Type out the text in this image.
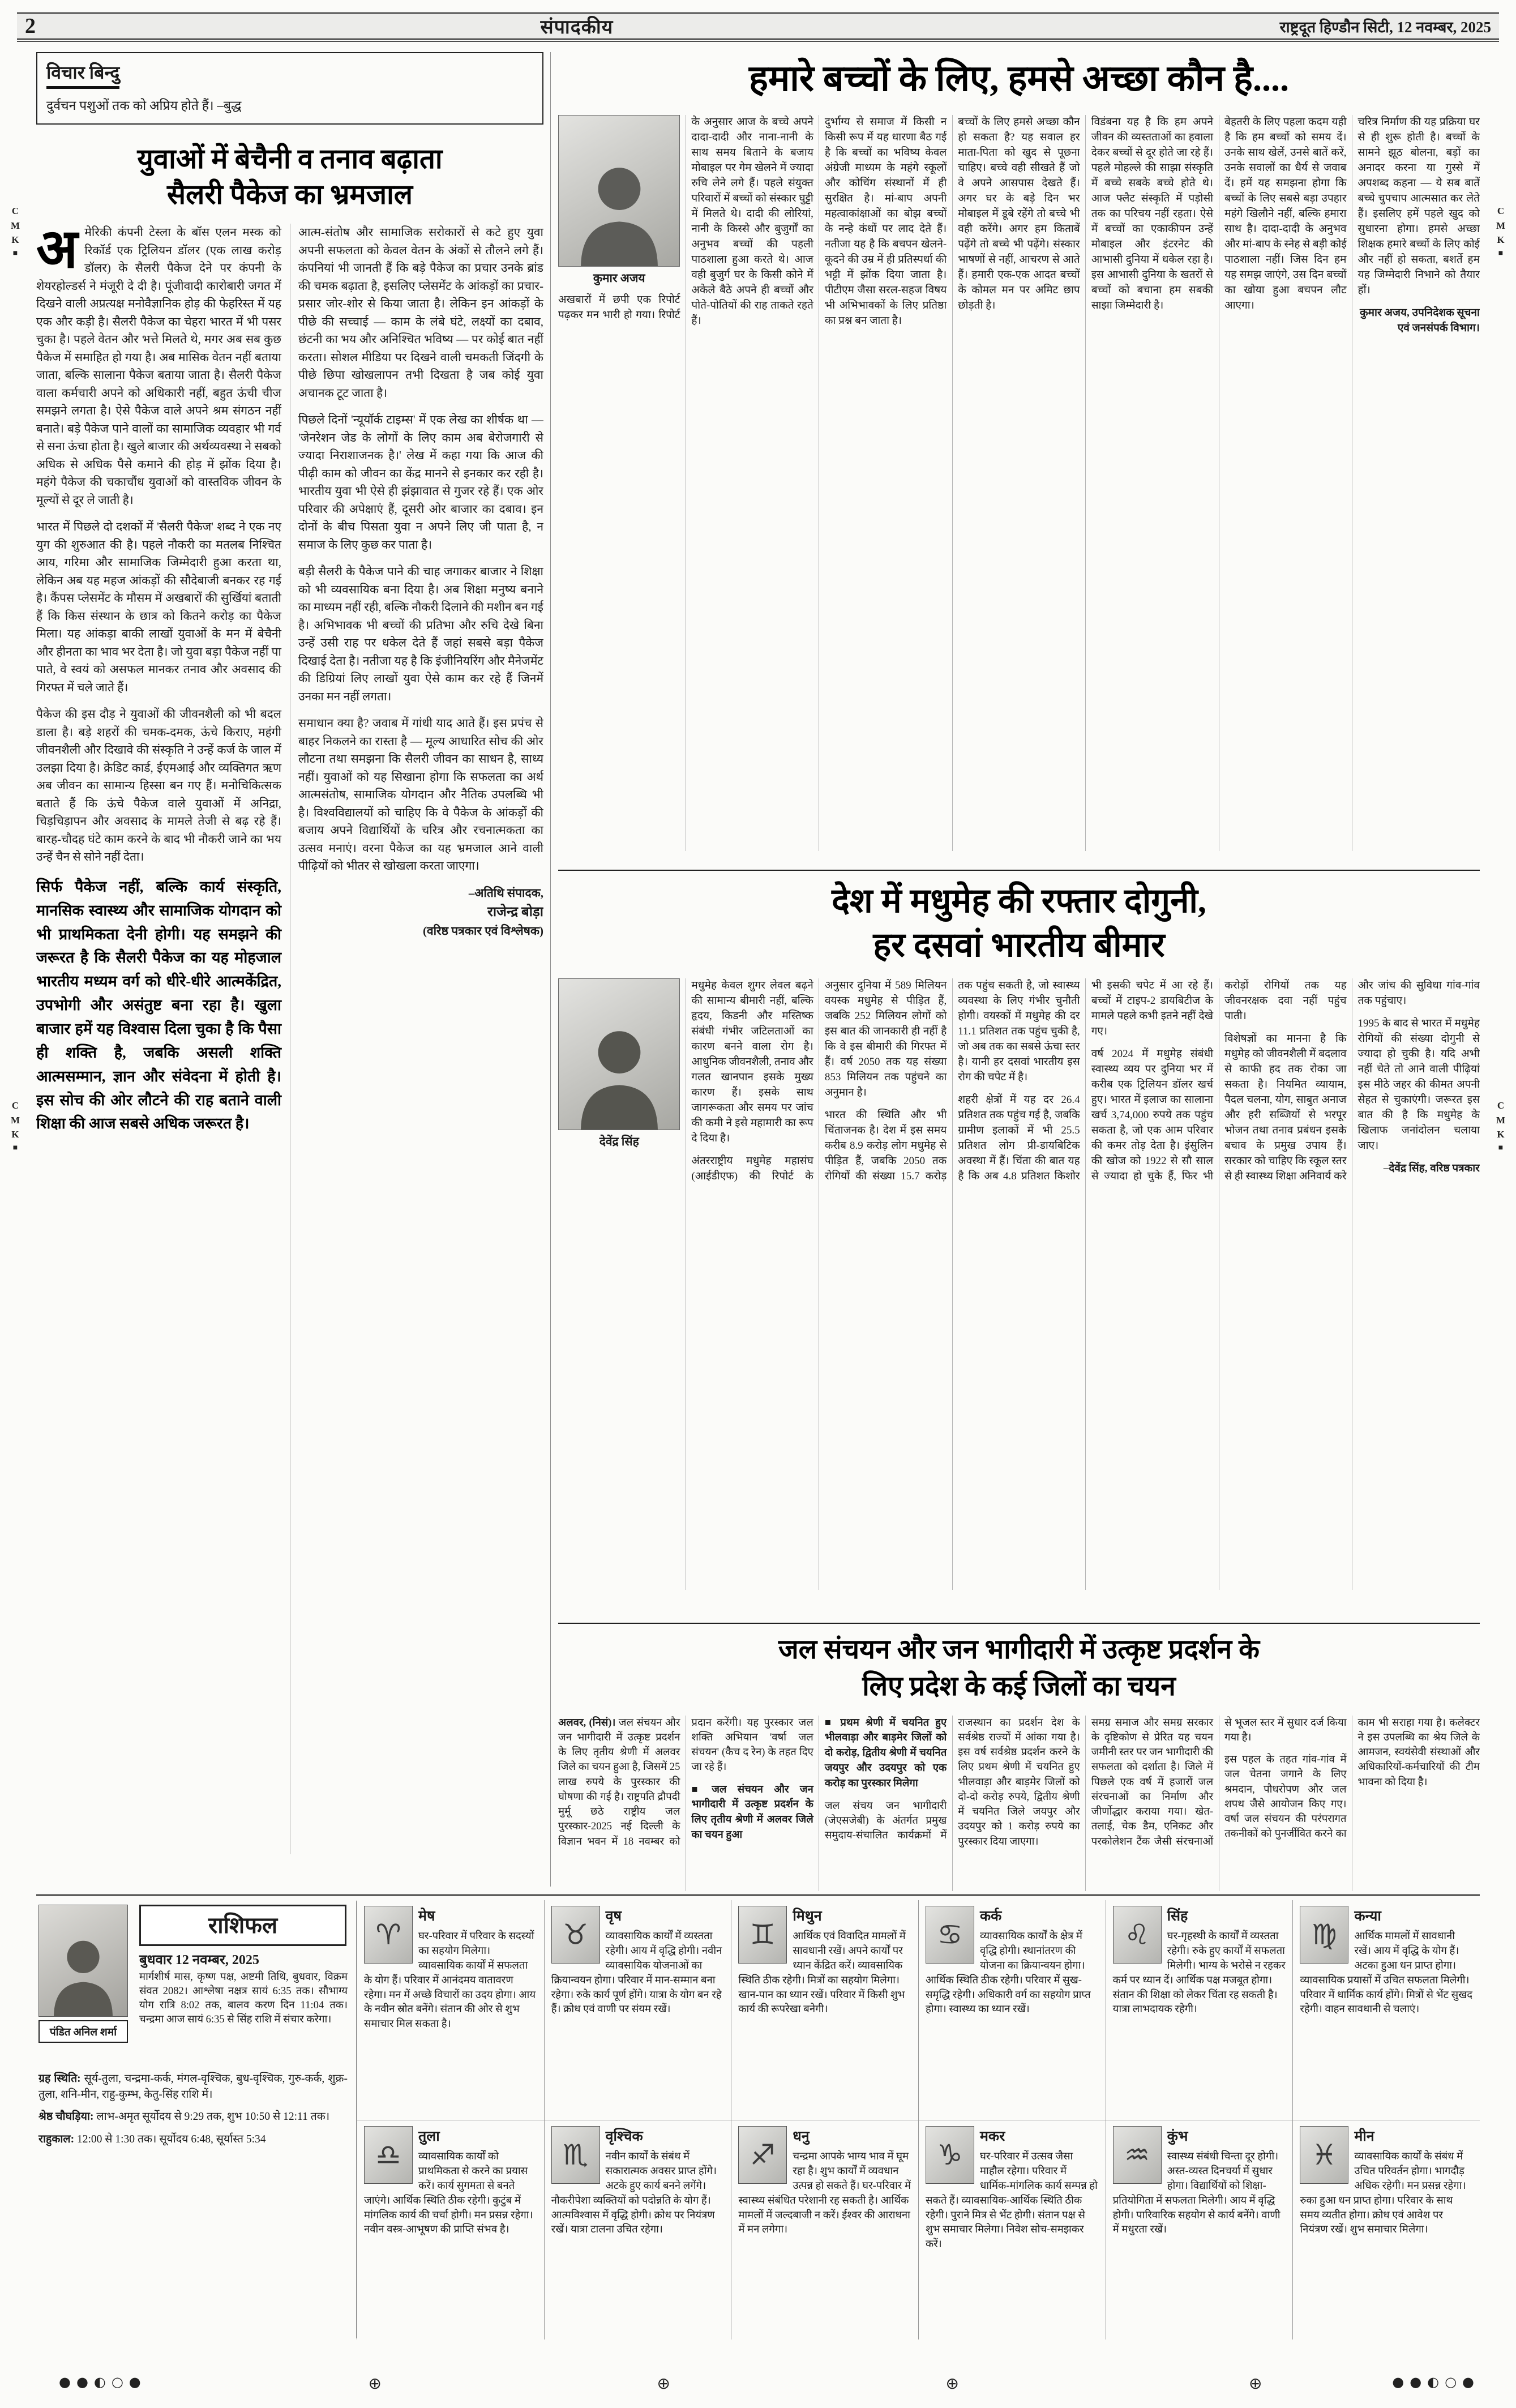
C
M
K
■
C
M
K
■
C
M
K
■
C
M
K
■
2	संपादकीय	राष्ट्रदूत हिण्डौन सिटी, 12 नवम्बर, 2025
विचार बिन्दु
दुर्वचन पशुओं तक को अप्रिय होते हैं। –बुद्ध
युवाओं में बेचैनी व तनाव बढ़ाता
सैलरी पैकेज का भ्रमजाल

अमेरिकी कंपनी टेस्ला के बॉस एलन मस्क को रिकॉर्ड एक ट्रिलियन डॉलर (एक लाख करोड़ डॉलर) के सैलरी पैकेज देने पर कंपनी के शेयरहोल्डर्स ने मंजूरी दे दी है। पूंजीवादी कारोबारी जगत में दिखने वाली अप्रत्यक्ष मनोवैज्ञानिक होड़ की फेहरिस्त में यह एक और कड़ी है। सैलरी पैकेज का चेहरा भारत में भी पसर चुका है। पहले वेतन और भत्ते मिलते थे, मगर अब सब कुछ पैकेज में समाहित हो गया है। अब मासिक वेतन नहीं बताया जाता, बल्कि सालाना पैकेज बताया जाता है। सैलरी पैकेज वाला कर्मचारी अपने को अधिकारी नहीं, बहुत ऊंची चीज समझने लगता है। ऐसे पैकेज वाले अपने श्रम संगठन नहीं बनाते। बड़े पैकेज पाने वालों का सामाजिक व्यवहार भी गर्व से सना ऊंचा होता है। खुले बाजार की अर्थव्यवस्था ने सबको अधिक से अधिक पैसे कमाने की होड़ में झोंक दिया है। महंगे पैकेज की चकाचौंध युवाओं को वास्तविक जीवन के मूल्यों से दूर ले जाती है।

भारत में पिछले दो दशकों में 'सैलरी पैकेज' शब्द ने एक नए युग की शुरुआत की है। पहले नौकरी का मतलब निश्चित आय, गरिमा और सामाजिक जिम्मेदारी हुआ करता था, लेकिन अब यह महज आंकड़ों की सौदेबाजी बनकर रह गई है। कैंपस प्लेसमेंट के मौसम में अखबारों की सुर्खियां बताती हैं कि किस संस्थान के छात्र को कितने करोड़ का पैकेज मिला। यह आंकड़ा बाकी लाखों युवाओं के मन में बेचैनी और हीनता का भाव भर देता है। जो युवा बड़ा पैकेज नहीं पा पाते, वे स्वयं को असफल मानकर तनाव और अवसाद की गिरफ्त में चले जाते हैं।

पैकेज की इस दौड़ ने युवाओं की जीवनशैली को भी बदल डाला है। बड़े शहरों की चमक-दमक, ऊंचे किराए, महंगी जीवनशैली और दिखावे की संस्कृति ने उन्हें कर्ज के जाल में उलझा दिया है। क्रेडिट कार्ड, ईएमआई और व्यक्तिगत ऋण अब जीवन का सामान्य हिस्सा बन गए हैं। मनोचिकित्सक बताते हैं कि ऊंचे पैकेज वाले युवाओं में अनिद्रा, चिड़चिड़ापन और अवसाद के मामले तेजी से बढ़ रहे हैं। बारह-चौदह घंटे काम करने के बाद भी नौकरी जाने का भय उन्हें चैन से सोने नहीं देता।

सिर्फ पैकेज नहीं, बल्कि कार्य संस्कृति, मानसिक स्वास्थ्य और सामाजिक योगदान को भी प्राथमिकता देनी होगी। यह समझने की जरूरत है कि सैलरी पैकेज का यह मोहजाल भारतीय मध्यम वर्ग को धीरे-धीरे आत्मकेंद्रित, उपभोगी और असंतुष्ट बना रहा है। खुला बाजार हमें यह विश्वास दिला चुका है कि पैसा ही शक्ति है, जबकि असली शक्ति आत्मसम्मान, ज्ञान और संवेदना में होती है। इस सोच की ओर लौटने की राह बताने वाली शिक्षा की आज सबसे अधिक जरूरत है।

आत्म-संतोष और सामाजिक सरोकारों से कटे हुए युवा अपनी सफलता को केवल वेतन के अंकों से तौलने लगे हैं। कंपनियां भी जानती हैं कि बड़े पैकेज का प्रचार उनके ब्रांड की चमक बढ़ाता है, इसलिए प्लेसमेंट के आंकड़ों का प्रचार-प्रसार जोर-शोर से किया जाता है। लेकिन इन आंकड़ों के पीछे की सच्चाई — काम के लंबे घंटे, लक्ष्यों का दबाव, छंटनी का भय और अनिश्चित भविष्य — पर कोई बात नहीं करता। सोशल मीडिया पर दिखने वाली चमकती जिंदगी के पीछे छिपा खोखलापन तभी दिखता है जब कोई युवा अचानक टूट जाता है।

पिछले दिनों 'न्यूयॉर्क टाइम्स' में एक लेख का शीर्षक था — 'जेनरेशन जेड के लोगों के लिए काम अब बेरोजगारी से ज्यादा निराशाजनक है।' लेख में कहा गया कि आज की पीढ़ी काम को जीवन का केंद्र मानने से इनकार कर रही है। भारतीय युवा भी ऐसे ही झंझावात से गुजर रहे हैं। एक ओर परिवार की अपेक्षाएं हैं, दूसरी ओर बाजार का दबाव। इन दोनों के बीच पिसता युवा न अपने लिए जी पाता है, न समाज के लिए कुछ कर पाता है।

बड़ी सैलरी के पैकेज पाने की चाह जगाकर बाजार ने शिक्षा को भी व्यवसायिक बना दिया है। अब शिक्षा मनुष्य बनाने का माध्यम नहीं रही, बल्कि नौकरी दिलाने की मशीन बन गई है। अभिभावक भी बच्चों की प्रतिभा और रुचि देखे बिना उन्हें उसी राह पर धकेल देते हैं जहां सबसे बड़ा पैकेज दिखाई देता है। नतीजा यह है कि इंजीनियरिंग और मैनेजमेंट की डिग्रियां लिए लाखों युवा ऐसे काम कर रहे हैं जिनमें उनका मन नहीं लगता।

समाधान क्या है? जवाब में गांधी याद आते हैं। इस प्रपंच से बाहर निकलने का रास्ता है — मूल्य आधारित सोच की ओर लौटना तथा समझना कि सैलरी जीवन का साधन है, साध्य नहीं। युवाओं को यह सिखाना होगा कि सफलता का अर्थ आत्मसंतोष, सामाजिक योगदान और नैतिक उपलब्धि भी है। विश्वविद्यालयों को चाहिए कि वे पैकेज के आंकड़ों की बजाय अपने विद्यार्थियों के चरित्र और रचनात्मकता का उत्सव मनाएं। वरना पैकेज का यह भ्रमजाल आने वाली पीढ़ियों को भीतर से खोखला करता जाएगा।

–अतिथि संपादक,
राजेन्द्र बोड़ा
(वरिष्ठ पत्रकार एवं विश्लेषक)

हमारे बच्चों के लिए, हमसे अच्छा कौन है....
कुमार अजय

अखबारों में छपी एक रिपोर्ट पढ़कर मन भारी हो गया। रिपोर्ट के अनुसार आज के बच्चे अपने दादा-दादी और नाना-नानी के साथ समय बिताने के बजाय मोबाइल पर गेम खेलने में ज्यादा रुचि लेने लगे हैं। पहले संयुक्त परिवारों में बच्चों को संस्कार घुट्टी में मिलते थे। दादी की लोरियां, नानी के किस्से और बुजुर्गों का अनुभव बच्चों की पहली पाठशाला हुआ करते थे। आज वही बुजुर्ग घर के किसी कोने में अकेले बैठे अपने ही बच्चों और पोते-पोतियों की राह ताकते रहते हैं।

दुर्भाग्य से समाज में किसी न किसी रूप में यह धारणा बैठ गई है कि बच्चों का भविष्य केवल अंग्रेजी माध्यम के महंगे स्कूलों और कोचिंग संस्थानों में ही सुरक्षित है। मां-बाप अपनी महत्वाकांक्षाओं का बोझ बच्चों के नन्हे कंधों पर लाद देते हैं। नतीजा यह है कि बचपन खेलने-कूदने की उम्र में ही प्रतिस्पर्धा की भट्टी में झोंक दिया जाता है। पीटीएम जैसा सरल-सहज विषय भी अभिभावकों के लिए प्रतिष्ठा का प्रश्न बन जाता है।

बच्चों के लिए हमसे अच्छा कौन हो सकता है? यह सवाल हर माता-पिता को खुद से पूछना चाहिए। बच्चे वही सीखते हैं जो वे अपने आसपास देखते हैं। अगर घर के बड़े दिन भर मोबाइल में डूबे रहेंगे तो बच्चे भी वही करेंगे। अगर हम किताबें पढ़ेंगे तो बच्चे भी पढ़ेंगे। संस्कार भाषणों से नहीं, आचरण से आते हैं। हमारी एक-एक आदत बच्चों के कोमल मन पर अमिट छाप छोड़ती है।

विडंबना यह है कि हम अपने जीवन की व्यस्तताओं का हवाला देकर बच्चों से दूर होते जा रहे हैं। पहले मोहल्ले की साझा संस्कृति में बच्चे सबके बच्चे होते थे। आज फ्लैट संस्कृति में पड़ोसी तक का परिचय नहीं रहता। ऐसे में बच्चों का एकाकीपन उन्हें मोबाइल और इंटरनेट की आभासी दुनिया में धकेल रहा है। इस आभासी दुनिया के खतरों से बच्चों को बचाना हम सबकी साझा जिम्मेदारी है।

बेहतरी के लिए पहला कदम यही है कि हम बच्चों को समय दें। उनके साथ खेलें, उनसे बातें करें, उनके सवालों का धैर्य से जवाब दें। हमें यह समझना होगा कि बच्चों के लिए सबसे बड़ा उपहार महंगे खिलौने नहीं, बल्कि हमारा साथ है। दादा-दादी के अनुभव और मां-बाप के स्नेह से बड़ी कोई पाठशाला नहीं। जिस दिन हम यह समझ जाएंगे, उस दिन बच्चों का खोया हुआ बचपन लौट आएगा।

चरित्र निर्माण की यह प्रक्रिया घर से ही शुरू होती है। बच्चों के सामने झूठ बोलना, बड़ों का अनादर करना या गुस्से में अपशब्द कहना — ये सब बातें बच्चे चुपचाप आत्मसात कर लेते हैं। इसलिए हमें पहले खुद को सुधारना होगा। हमसे अच्छा शिक्षक हमारे बच्चों के लिए कोई और नहीं हो सकता, बशर्ते हम यह जिम्मेदारी निभाने को तैयार हों।

कुमार अजय, उपनिदेशक सूचना एवं जनसंपर्क विभाग।

देश में मधुमेह की रफ्तार दोगुनी,
हर दसवां भारतीय बीमार
देवेंद्र सिंह

मधुमेह केवल शुगर लेवल बढ़ने की सामान्य बीमारी नहीं, बल्कि हृदय, किडनी और मस्तिष्क संबंधी गंभीर जटिलताओं का कारण बनने वाला रोग है। आधुनिक जीवनशैली, तनाव और गलत खानपान इसके मुख्य कारण हैं। इसके साथ जागरूकता और समय पर जांच की कमी ने इसे महामारी का रूप दे दिया है।

अंतरराष्ट्रीय मधुमेह महासंघ (आईडीएफ) की रिपोर्ट के अनुसार दुनिया में 589 मिलियन वयस्क मधुमेह से पीड़ित हैं, जबकि 252 मिलियन लोगों को इस बात की जानकारी ही नहीं है कि वे इस बीमारी की गिरफ्त में हैं। वर्ष 2050 तक यह संख्या 853 मिलियन तक पहुंचने का अनुमान है।

भारत की स्थिति और भी चिंताजनक है। देश में इस समय करीब 8.9 करोड़ लोग मधुमेह से पीड़ित हैं, जबकि 2050 तक रोगियों की संख्या 15.7 करोड़ तक पहुंच सकती है, जो स्वास्थ्य व्यवस्था के लिए गंभीर चुनौती होगी। वयस्कों में मधुमेह की दर 11.1 प्रतिशत तक पहुंच चुकी है, जो अब तक का सबसे ऊंचा स्तर है। यानी हर दसवां भारतीय इस रोग की चपेट में है।

शहरी क्षेत्रों में यह दर 26.4 प्रतिशत तक पहुंच गई है, जबकि ग्रामीण इलाकों में भी 25.5 प्रतिशत लोग प्री-डायबिटिक अवस्था में हैं। चिंता की बात यह है कि अब 4.8 प्रतिशत किशोर भी इसकी चपेट में आ रहे हैं। बच्चों में टाइप-2 डायबिटीज के मामले पहले कभी इतने नहीं देखे गए।

वर्ष 2024 में मधुमेह संबंधी स्वास्थ्य व्यय पर दुनिया भर में करीब एक ट्रिलियन डॉलर खर्च हुए। भारत में इलाज का सालाना खर्च 3,74,000 रुपये तक पहुंच सकता है, जो एक आम परिवार की कमर तोड़ देता है। इंसुलिन की खोज को 1922 से सौ साल से ज्यादा हो चुके हैं, फिर भी करोड़ों रोगियों तक यह जीवनरक्षक दवा नहीं पहुंच पाती।

विशेषज्ञों का मानना है कि मधुमेह को जीवनशैली में बदलाव से काफी हद तक रोका जा सकता है। नियमित व्यायाम, पैदल चलना, योग, साबुत अनाज और हरी सब्जियों से भरपूर भोजन तथा तनाव प्रबंधन इसके बचाव के प्रमुख उपाय हैं। सरकार को चाहिए कि स्कूल स्तर से ही स्वास्थ्य शिक्षा अनिवार्य करे और जांच की सुविधा गांव-गांव तक पहुंचाए।

1995 के बाद से भारत में मधुमेह रोगियों की संख्या दोगुनी से ज्यादा हो चुकी है। यदि अभी नहीं चेते तो आने वाली पीढ़ियां इस मीठे जहर की कीमत अपनी सेहत से चुकाएंगी। जरूरत इस बात की है कि मधुमेह के खिलाफ जनांदोलन चलाया जाए।

–देवेंद्र सिंह, वरिष्ठ पत्रकार

जल संचयन और जन भागीदारी में उत्कृष्ट प्रदर्शन के
लिए प्रदेश के कई जिलों का चयन

अलवर, (निसं)। जल संचयन और जन भागीदारी में उत्कृष्ट प्रदर्शन के लिए तृतीय श्रेणी में अलवर जिले का चयन हुआ है, जिसमें 25 लाख रुपये के पुरस्कार की घोषणा की गई है। राष्ट्रपति द्रौपदी मुर्मू छठे राष्ट्रीय जल पुरस्कार-2025 नई दिल्ली के विज्ञान भवन में 18 नवम्बर को प्रदान करेंगी। यह पुरस्कार जल शक्ति अभियान 'वर्षा जल संचयन' (कैच द रेन) के तहत दिए जा रहे हैं।

■ जल संचयन और जन भागीदारी में उत्कृष्ट प्रदर्शन के लिए तृतीय श्रेणी में अलवर जिले का चयन हुआ

■ प्रथम श्रेणी में चयनित हुए भीलवाड़ा और बाड़मेर जिलों को दो करोड़, द्वितीय श्रेणी में चयनित जयपुर और उदयपुर को एक करोड़ का पुरस्कार मिलेगा

जल संचय जन भागीदारी (जेएसजेबी) के अंतर्गत प्रमुख समुदाय-संचालित कार्यक्रमों में राजस्थान का प्रदर्शन देश के सर्वश्रेष्ठ राज्यों में आंका गया है। इस वर्ष सर्वश्रेष्ठ प्रदर्शन करने के लिए प्रथम श्रेणी में चयनित हुए भीलवाड़ा और बाड़मेर जिलों को दो-दो करोड़ रुपये, द्वितीय श्रेणी में चयनित जिले जयपुर और उदयपुर को 1 करोड़ रुपये का पुरस्कार दिया जाएगा।

समग्र समाज और समग्र सरकार के दृष्टिकोण से प्रेरित यह चयन जमीनी स्तर पर जन भागीदारी की सफलता को दर्शाता है। जिले में पिछले एक वर्ष में हजारों जल संरचनाओं का निर्माण और जीर्णोद्धार कराया गया। खेत-तलाई, चेक डैम, एनिकट और परकोलेशन टैंक जैसी संरचनाओं से भूजल स्तर में सुधार दर्ज किया गया है।

इस पहल के तहत गांव-गांव में जल चेतना जगाने के लिए श्रमदान, पौधरोपण और जल शपथ जैसे आयोजन किए गए। वर्षा जल संचयन की परंपरागत तकनीकों को पुनर्जीवित करने का काम भी सराहा गया है। कलेक्टर ने इस उपलब्धि का श्रेय जिले के आमजन, स्वयंसेवी संस्थाओं और अधिकारियों-कर्मचारियों की टीम भावना को दिया है।

पंडित अनिल शर्मा
राशिफल
बुधवार 12 नवम्बर, 2025
मार्गशीर्ष मास, कृष्ण पक्ष, अष्टमी तिथि, बुधवार, विक्रम संवत 2082। आश्लेषा नक्षत्र सायं 6:35 तक। सौभाग्य योग रात्रि 8:02 तक, बालव करण दिन 11:04 तक। चन्द्रमा आज सायं 6:35 से सिंह राशि में संचार करेगा।

ग्रह स्थिति: सूर्य-तुला, चन्द्रमा-कर्क, मंगल-वृश्चिक, बुध-वृश्चिक, गुरु-कर्क, शुक्र-तुला, शनि-मीन, राहु-कुम्भ, केतु-सिंह राशि में।

श्रेष्ठ चौघड़िया: लाभ-अमृत सूर्योदय से 9:29 तक, शुभ 10:50 से 12:11 तक।

राहुकाल: 12:00 से 1:30 तक। सूर्योदय 6:48, सूर्यास्त 5:34

♈
मेष
घर-परिवार में परिवार के सदस्यों का सहयोग मिलेगा। व्यावसायिक कार्यों में सफलता के योग हैं। परिवार में आनंदमय वातावरण रहेगा। मन में अच्छे विचारों का उदय होगा। आय के नवीन स्रोत बनेंगे। संतान की ओर से शुभ समाचार मिल सकता है।
♉
वृष
व्यावसायिक कार्यों में व्यस्तता रहेगी। आय में वृद्धि होगी। नवीन व्यावसायिक योजनाओं का क्रियान्वयन होगा। परिवार में मान-सम्मान बना रहेगा। रुके कार्य पूर्ण होंगे। यात्रा के योग बन रहे हैं। क्रोध एवं वाणी पर संयम रखें।
♊
मिथुन
आर्थिक एवं विवादित मामलों में सावधानी रखें। अपने कार्यों पर ध्यान केंद्रित करें। व्यावसायिक स्थिति ठीक रहेगी। मित्रों का सहयोग मिलेगा। खान-पान का ध्यान रखें। परिवार में किसी शुभ कार्य की रूपरेखा बनेगी।
♋
कर्क
व्यावसायिक कार्यों के क्षेत्र में वृद्धि होगी। स्थानांतरण की योजना का क्रियान्वयन होगा। आर्थिक स्थिति ठीक रहेगी। परिवार में सुख-समृद्धि रहेगी। अधिकारी वर्ग का सहयोग प्राप्त होगा। स्वास्थ्य का ध्यान रखें।
♌
सिंह
घर-गृहस्थी के कार्यों में व्यस्तता रहेगी। रुके हुए कार्यों में सफलता मिलेगी। भाग्य के भरोसे न रहकर कर्म पर ध्यान दें। आर्थिक पक्ष मजबूत होगा। संतान की शिक्षा को लेकर चिंता रह सकती है। यात्रा लाभदायक रहेगी।
♍
कन्या
आर्थिक मामलों में सावधानी रखें। आय में वृद्धि के योग हैं। अटका हुआ धन प्राप्त होगा। व्यावसायिक प्रयासों में उचित सफलता मिलेगी। परिवार में धार्मिक कार्य होंगे। मित्रों से भेंट सुखद रहेगी। वाहन सावधानी से चलाएं।
♎
तुला
व्यावसायिक कार्यों को प्राथमिकता से करने का प्रयास करें। कार्य सुगमता से बनते जाएंगे। आर्थिक स्थिति ठीक रहेगी। कुटुंब में मांगलिक कार्य की चर्चा होगी। मन प्रसन्न रहेगा। नवीन वस्त्र-आभूषण की प्राप्ति संभव है।
♏
वृश्चिक
नवीन कार्यों के संबंध में सकारात्मक अवसर प्राप्त होंगे। अटके हुए कार्य बनने लगेंगे। नौकरीपेशा व्यक्तियों को पदोन्नति के योग हैं। आत्मविश्वास में वृद्धि होगी। क्रोध पर नियंत्रण रखें। यात्रा टालना उचित रहेगा।
♐
धनु
चन्द्रमा आपके भाग्य भाव में घूम रहा है। शुभ कार्यों में व्यवधान उत्पन्न हो सकते हैं। घर-परिवार में स्वास्थ्य संबंधित परेशानी रह सकती है। आर्थिक मामलों में जल्दबाजी न करें। ईश्वर की आराधना में मन लगेगा।
♑
मकर
घर-परिवार में उत्सव जैसा माहौल रहेगा। परिवार में धार्मिक-मांगलिक कार्य सम्पन्न हो सकते हैं। व्यावसायिक-आर्थिक स्थिति ठीक रहेगी। पुराने मित्र से भेंट होगी। संतान पक्ष से शुभ समाचार मिलेगा। निवेश सोच-समझकर करें।
♒
कुंभ
स्वास्थ्य संबंधी चिन्ता दूर होगी। अस्त-व्यस्त दिनचर्या में सुधार होगा। विद्यार्थियों को शिक्षा-प्रतियोगिता में सफलता मिलेगी। आय में वृद्धि होगी। पारिवारिक सहयोग से कार्य बनेंगे। वाणी में मधुरता रखें।
♓
मीन
व्यावसायिक कार्यों के संबंध में उचित परिवर्तन होगा। भागदौड़ अधिक रहेगी। मन प्रसन्न रहेगा। रुका हुआ धन प्राप्त होगा। परिवार के साथ समय व्यतीत होगा। क्रोध एवं आवेश पर नियंत्रण रखें। शुभ समाचार मिलेगा।
●●◐○●	⊕	⊕	⊕	⊕	●●◐○●
